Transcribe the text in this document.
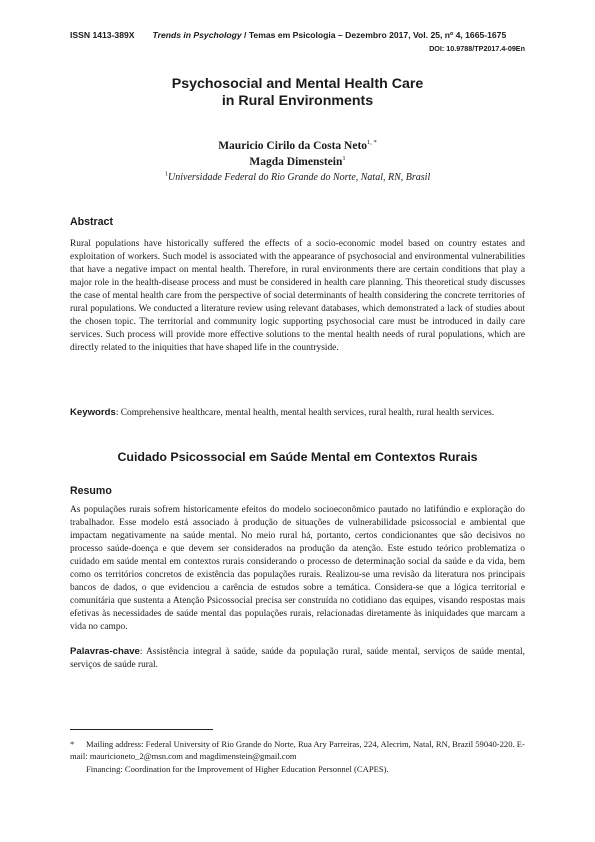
ISSN 1413-389X Trends in Psychology / Temas em Psicologia – Dezembro 2017, Vol. 25, nº 4, 1665-1675
DOI: 10.9788/TP2017.4-09En
Psychosocial and Mental Health Care
in Rural Environments
Mauricio Cirilo da Costa Neto$^{1, *}$
Magda Dimenstein$^1$
$^1$Universidade Federal do Rio Grande do Norte, Natal, RN, Brasil
Abstract
Rural populations have historically suffered the effects of a socio-economic model based on country estates and exploitation of workers. Such model is associated with the appearance of psychosocial and environmental vulnerabilities that have a negative impact on mental health. Therefore, in rural environments there are certain conditions that play a major role in the health-disease process and must be considered in health care planning. This theoretical study discusses the case of mental health care from the perspective of social determinants of health considering the concrete territories of rural populations. We conducted a literature review using relevant databases, which demonstrated a lack of studies about the chosen topic. The territorial and community logic supporting psychosocial care must be introduced in daily care services. Such process will provide more effective solutions to the mental health needs of rural populations, which are directly related to the iniquities that have shaped life in the countryside.
Keywords: Comprehensive healthcare, mental health, mental health services, rural health, rural health services.
Cuidado Psicossocial em Saúde Mental em Contextos Rurais
Resumo
As populações rurais sofrem historicamente efeitos do modelo socioeconômico pautado no latifúndio e exploração do trabalhador. Esse modelo está associado à produção de situações de vulnerabilidade psicossocial e ambiental que impactam negativamente na saúde mental. No meio rural há, portanto, certos condicionantes que são decisivos no processo saúde-doença e que devem ser considerados na produção da atenção. Este estudo teórico problematiza o cuidado em saúde mental em contextos rurais considerando o processo de determinação social da saúde e da vida, bem como os territórios concretos de existência das populações rurais. Realizou-se uma revisão da literatura nos principais bancos de dados, o que evidenciou a carência de estudos sobre a temática. Considera-se que a lógica territorial e comunitária que sustenta a Atenção Psicossocial precisa ser construída no cotidiano das equipes, visando respostas mais efetivas às necessidades de saúde mental das populações rurais, relacionadas diretamente às iniquidades que marcam a vida no campo.
Palavras-chave: Assistência integral à saúde, saúde da população rural, saúde mental, serviços de saúde mental, serviços de saúde rural.
* Mailing address: Federal University of Rio Grande do Norte, Rua Ary Parreiras, 224, Alecrim, Natal, RN, Brazil 59040-220. E-mail: mauricioneto_2@msn.com and magdimenstein@gmail.com
Financing: Coordination for the Improvement of Higher Education Personnel (CAPES).
